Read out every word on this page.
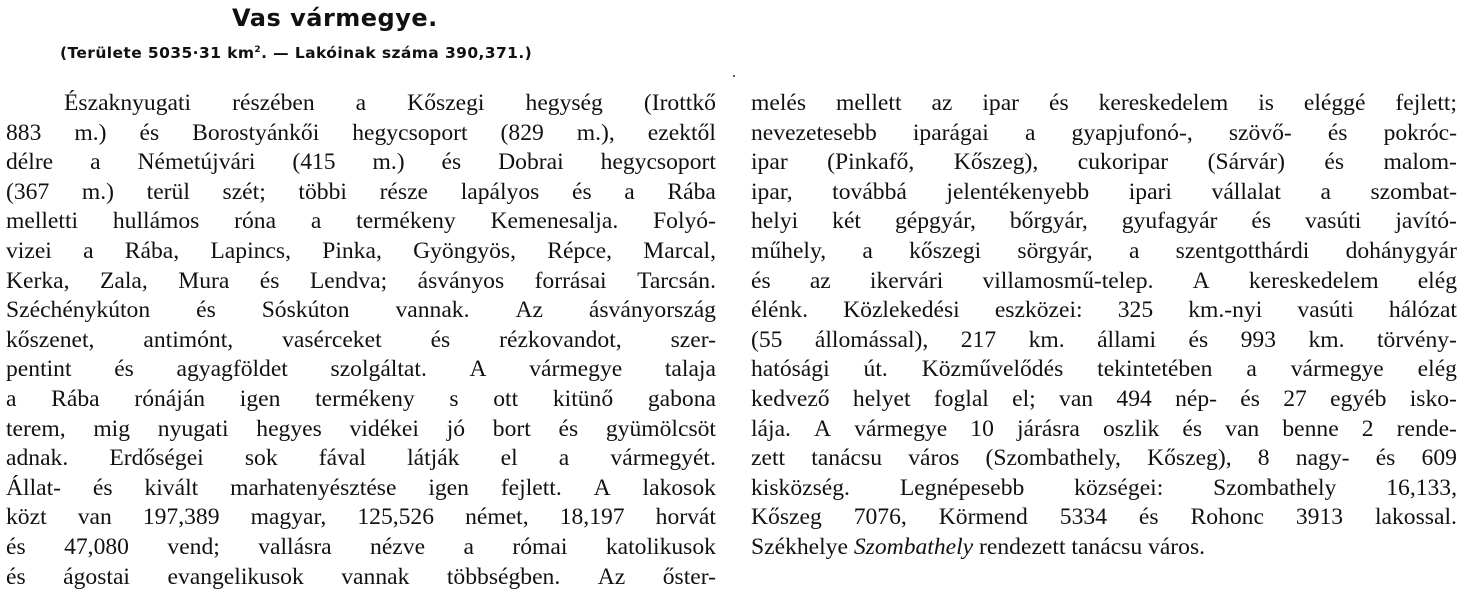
Vas vármegye.
(Területe 5035·31 $km^2$. — Lakóinak száma 390,371.)
Északnyugati részében a Kőszegi hegység (Irottkő
883 m.) és Borostyánkői hegycsoport (829 m.), ezektől
délre a Németújvári (415 m.) és Dobrai hegycsoport
(367 m.) terül szét; többi része lapályos és a Rába
melletti hullámos róna a termékeny Kemenesalja. Folyó-
vizei a Rába, Lapincs, Pinka, Gyöngyös, Répce, Marcal,
Kerka, Zala, Mura és Lendva; ásványos forrásai Tarcsán.
Széchénykúton és Sóskúton vannak. Az ásványország
kőszenet, antimónt, vasérceket és rézkovandot, szer-
pentint és agyagföldet szolgáltat. A vármegye talaja
a Rába rónáján igen termékeny s ott kitünő gabona
terem, mig nyugati hegyes vidékei jó bort és gyümölcsöt
adnak. Erdőségei sok fával látják el a vármegyét.
Állat- és kivált marhatenyésztése igen fejlett. A lakosok
közt van 197,389 magyar, 125,526 német, 18,197 horvát
és 47,080 vend; vallásra nézve a római katolikusok
és ágostai evangelikusok vannak többségben. Az őster-
melés mellett az ipar és kereskedelem is eléggé fejlett;
nevezetesebb iparágai a gyapjufonó-, szövő- és pokróc-
ipar (Pinkafő, Kőszeg), cukoripar (Sárvár) és malom-
ipar, továbbá jelentékenyebb ipari vállalat a szombat-
helyi két gépgyár, bőrgyár, gyufagyár és vasúti javító-
műhely, a kőszegi sörgyár, a szentgotthárdi dohánygyár
és az ikervári villamosmű-telep. A kereskedelem elég
élénk. Közlekedési eszközei: 325 km.-nyi vasúti hálózat
(55 állomással), 217 km. állami és 993 km. törvény-
hatósági út. Közművelődés tekintetében a vármegye elég
kedvező helyet foglal el; van 494 nép- és 27 egyéb isko-
lája. A vármegye 10 járásra oszlik és van benne 2 rende-
zett tanácsu város (Szombathely, Kőszeg), 8 nagy- és 609
kisközség. Legnépesebb községei: Szombathely 16,133,
Kőszeg 7076, Körmend 5334 és Rohonc 3913 lakossal.
Székhelye Szombathely rendezett tanácsu város.
